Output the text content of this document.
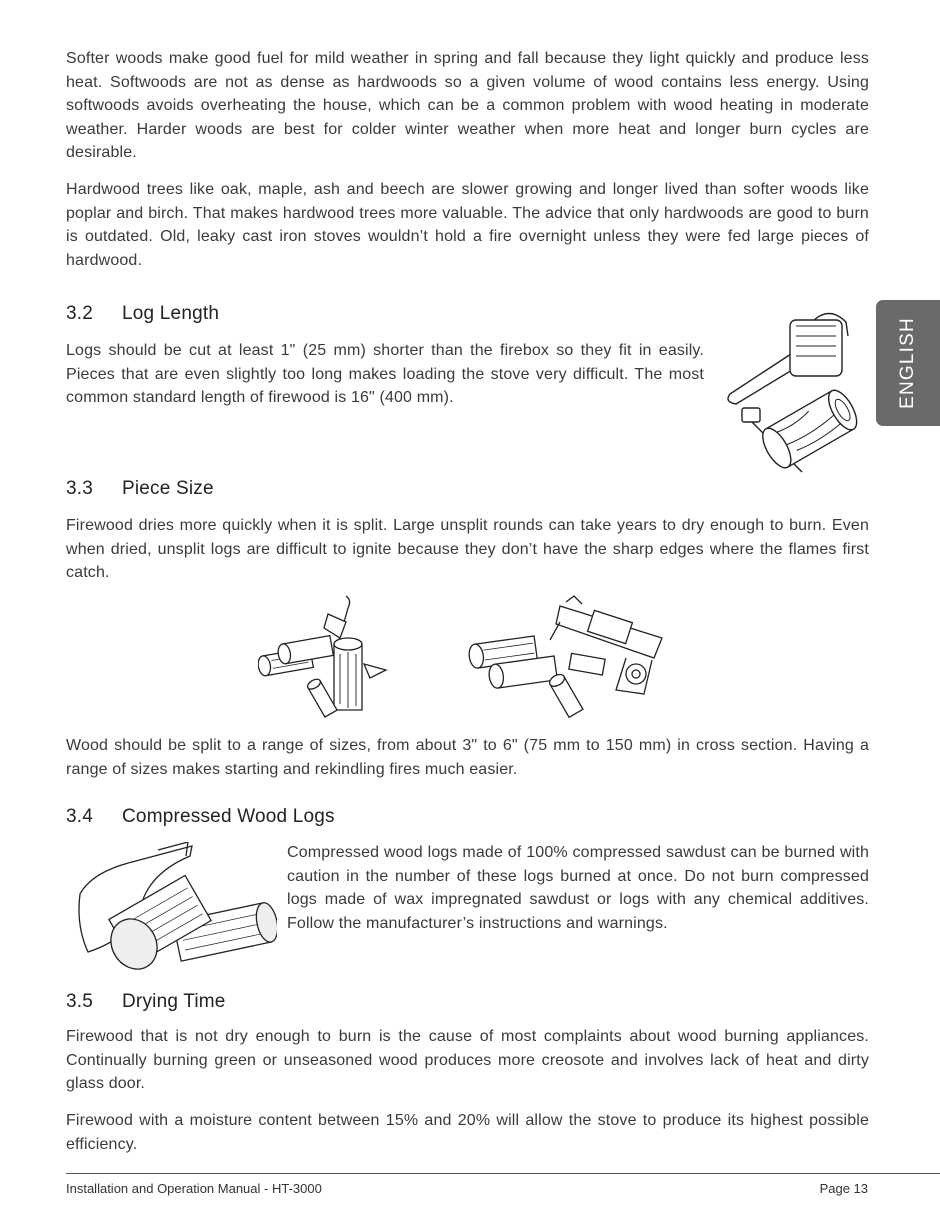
Softer woods make good fuel for mild weather in spring and fall because they light quickly and produce less heat. Softwoods are not as dense as hardwoods so a given volume of wood contains less energy. Using softwoods avoids overheating the house, which can be a common problem with wood heating in moderate weather. Harder woods are best for colder winter weather when more heat and longer burn cycles are desirable.

Hardwood trees like oak, maple, ash and beech are slower growing and longer lived than softer woods like poplar and birch. That makes hardwood trees more valuable. The advice that only hardwoods are good to burn is outdated. Old, leaky cast iron stoves wouldn’t hold a fire overnight unless they were fed large pieces of hardwood.

ENGLISH
3.2 Log Length

Logs should be cut at least 1" (25 mm) shorter than the firebox so they fit in easily. Pieces that are even slightly too long makes loading the stove very difficult. The most common standard length of firewood is 16" (400 mm).

3.3 Piece Size

Firewood dries more quickly when it is split. Large unsplit rounds can take years to dry enough to burn. Even when dried, unsplit logs are difficult to ignite because they don’t have the sharp edges where the flames first catch.

Wood should be split to a range of sizes, from about 3" to 6" (75 mm to 150 mm) in cross section. Having a range of sizes makes starting and rekindling fires much easier.

3.4 Compressed Wood Logs

Compressed wood logs made of 100% compressed sawdust can be burned with caution in the number of these logs burned at once. Do not burn compressed logs made of wax impregnated sawdust or logs with any chemical additives. Follow the manufacturer’s instructions and warnings.

3.5 Drying Time

Firewood that is not dry enough to burn is the cause of most complaints about wood burning appliances. Continually burning green or unseasoned wood produces more creosote and involves lack of heat and dirty glass door.

Firewood with a moisture content between 15% and 20% will allow the stove to produce its highest possible efficiency.

Installation and Operation Manual - HT-3000	Page 13
